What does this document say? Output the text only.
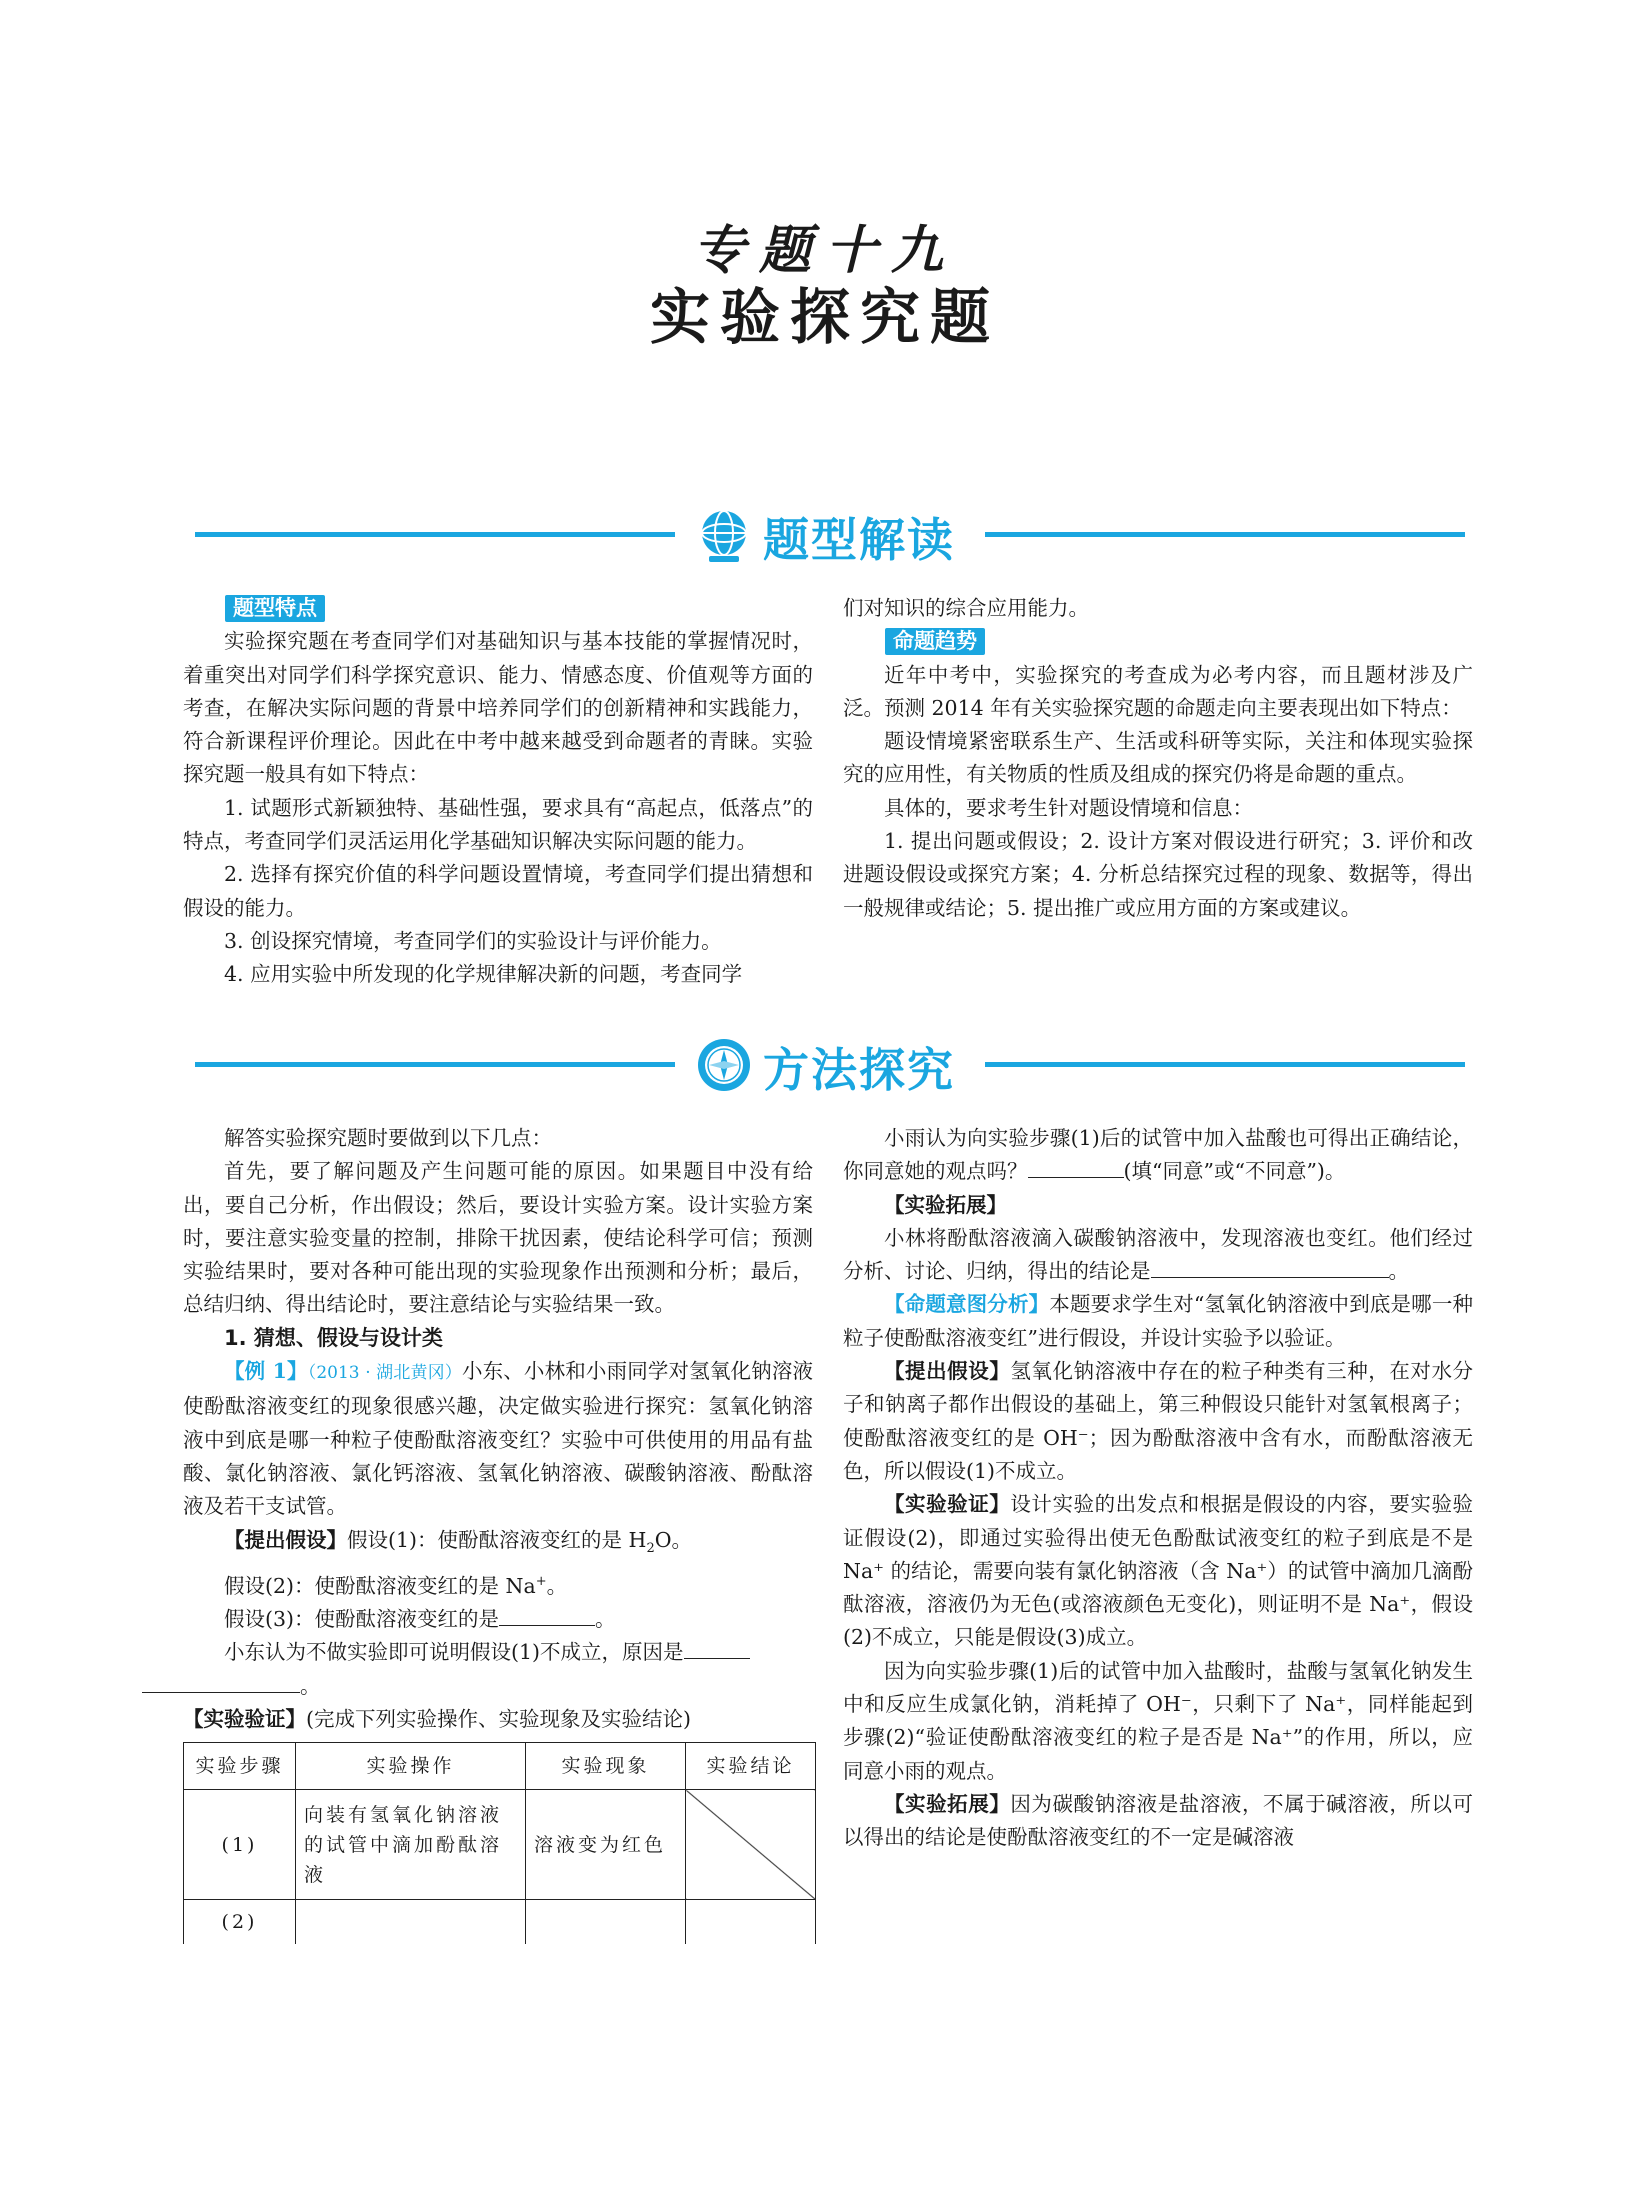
专题十九
实验探究题
题型解读
题型特点

实验探究题在考查同学们对基础知识与基本技能的掌握情况时，着重突出对同学们科学探究意识、能力、情感态度、价值观等方面的考查，在解决实际问题的背景中培养同学们的创新精神和实践能力，符合新课程评价理论。因此在中考中越来越受到命题者的青睐。实验探究题一般具有如下特点：

1. 试题形式新颖独特、基础性强，要求具有“高起点，低落点”的特点，考查同学们灵活运用化学基础知识解决实际问题的能力。

2. 选择有探究价值的科学问题设置情境，考查同学们提出猜想和假设的能力。

3. 创设探究情境，考查同学们的实验设计与评价能力。

4. 应用实验中所发现的化学规律解决新的问题，考查同学

们对知识的综合应用能力。

命题趋势

近年中考中，实验探究的考查成为必考内容，而且题材涉及广泛。预测 2014 年有关实验探究题的命题走向主要表现出如下特点：

题设情境紧密联系生产、生活或科研等实际，关注和体现实验探究的应用性，有关物质的性质及组成的探究仍将是命题的重点。

具体的，要求考生针对题设情境和信息：

1. 提出问题或假设；2. 设计方案对假设进行研究；3. 评价和改进题设假设或探究方案；4. 分析总结探究过程的现象、数据等，得出一般规律或结论；5. 提出推广或应用方面的方案或建议。

方法探究

解答实验探究题时要做到以下几点：

首先，要了解问题及产生问题可能的原因。如果题目中没有给出，要自己分析，作出假设；然后，要设计实验方案。设计实验方案时，要注意实验变量的控制，排除干扰因素，使结论科学可信；预测实验结果时，要对各种可能出现的实验现象作出预测和分析；最后，总结归纳、得出结论时，要注意结论与实验结果一致。

1. 猜想、假设与设计类

【例 1】（2013 · 湖北黄冈）小东、小林和小雨同学对氢氧化钠溶液使酚酞溶液变红的现象很感兴趣，决定做实验进行探究：氢氧化钠溶液中到底是哪一种粒子使酚酞溶液变红？实验中可供使用的用品有盐酸、氯化钠溶液、氯化钙溶液、氢氧化钠溶液、碳酸钠溶液、酚酞溶液及若干支试管。

【提出假设】假设(1)：使酚酞溶液变红的是 $H_2O$。

假设(2)：使酚酞溶液变红的是 Na+。

假设(3)：使酚酞溶液变红的是	。

小东认为不做实验即可说明假设(1)不成立，原因是
。

【实验验证】(完成下列实验操作、实验现象及实验结论)

实验步骤	实验操作	实验现象	实验结论
(1)	向装有氢氧化钠溶液的试管中滴加酚酞溶液	溶液变为红色	
(2)			

小雨认为向实验步骤(1)后的试管中加入盐酸也可得出正确结论，你同意她的观点吗？	(填“同意”或“不同意”)。

【实验拓展】

小林将酚酞溶液滴入碳酸钠溶液中，发现溶液也变红。他们经过分析、讨论、归纳，得出的结论是	。

【命题意图分析】本题要求学生对“氢氧化钠溶液中到底是哪一种粒子使酚酞溶液变红”进行假设，并设计实验予以验证。

【提出假设】氢氧化钠溶液中存在的粒子种类有三种，在对水分子和钠离子都作出假设的基础上，第三种假设只能针对氢氧根离子；使酚酞溶液变红的是 OH⁻；因为酚酞溶液中含有水，而酚酞溶液无色，所以假设(1)不成立。

【实验验证】设计实验的出发点和根据是假设的内容，要实验验证假设(2)，即通过实验得出使无色酚酞试液变红的粒子到底是不是 Na⁺ 的结论，需要向装有氯化钠溶液（含 Na⁺）的试管中滴加几滴酚酞溶液，溶液仍为无色(或溶液颜色无变化)，则证明不是 Na⁺，假设(2)不成立，只能是假设(3)成立。

因为向实验步骤(1)后的试管中加入盐酸时，盐酸与氢氧化钠发生中和反应生成氯化钠，消耗掉了 OH⁻，只剩下了 Na⁺，同样能起到步骤(2)“验证使酚酞溶液变红的粒子是否是 Na⁺”的作用，所以，应同意小雨的观点。

【实验拓展】因为碳酸钠溶液是盐溶液，不属于碱溶液，所以可以得出的结论是使酚酞溶液变红的不一定是碱溶液
